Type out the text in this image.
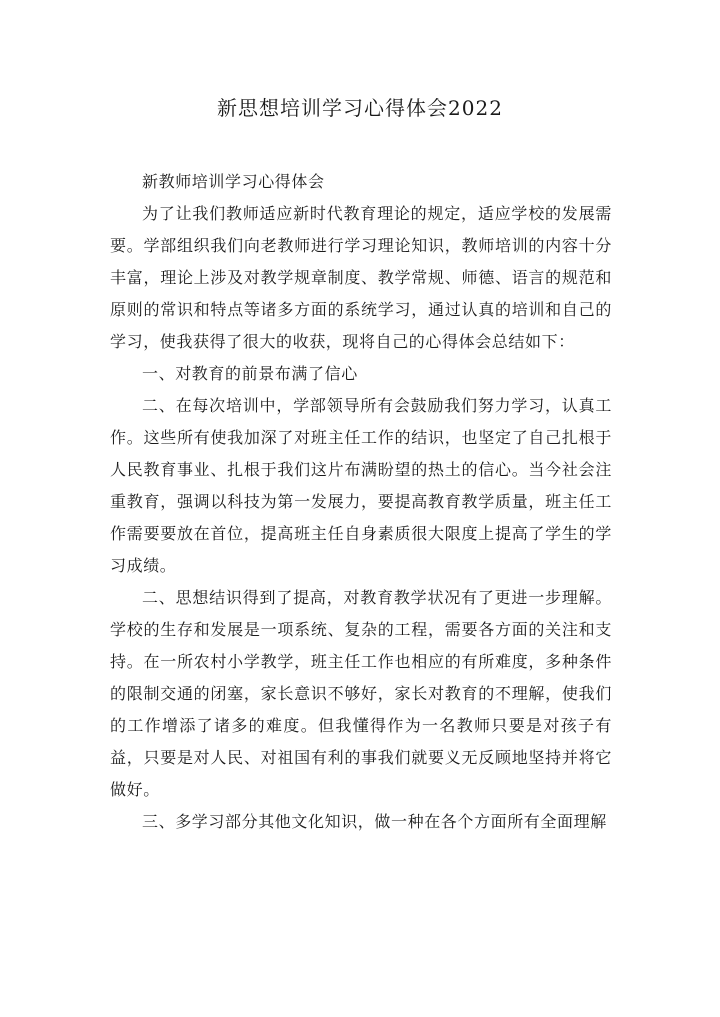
新思想培训学习心得体会2022

新教师培训学习心得体会

为了让我们教师适应新时代教育理论的规定，适应学校的发展需要。学部组织我们向老教师进行学习理论知识，教师培训的内容十分丰富，理论上涉及对教学规章制度、教学常规、师德、语言的规范和原则的常识和特点等诸多方面的系统学习，通过认真的培训和自己的学习，使我获得了很大的收获，现将自己的心得体会总结如下：

一、对教育的前景布满了信心

二、在每次培训中，学部领导所有会鼓励我们努力学习，认真工作。这些所有使我加深了对班主任工作的结识，也坚定了自己扎根于人民教育事业、扎根于我们这片布满盼望的热土的信心。当今社会注重教育，强调以科技为第一发展力，要提高教育教学质量，班主任工作需要要放在首位，提高班主任自身素质很大限度上提高了学生的学习成绩。

二、思想结识得到了提高，对教育教学状况有了更进一步理解。学校的生存和发展是一项系统、复杂的工程，需要各方面的关注和支持。在一所农村小学教学，班主任工作也相应的有所难度，多种条件的限制交通的闭塞，家长意识不够好，家长对教育的不理解，使我们的工作增添了诸多的难度。但我懂得作为一名教师只要是对孩子有益，只要是对人民、对祖国有利的事我们就要义无反顾地坚持并将它做好。

三、多学习部分其他文化知识，做一种在各个方面所有全面理解
